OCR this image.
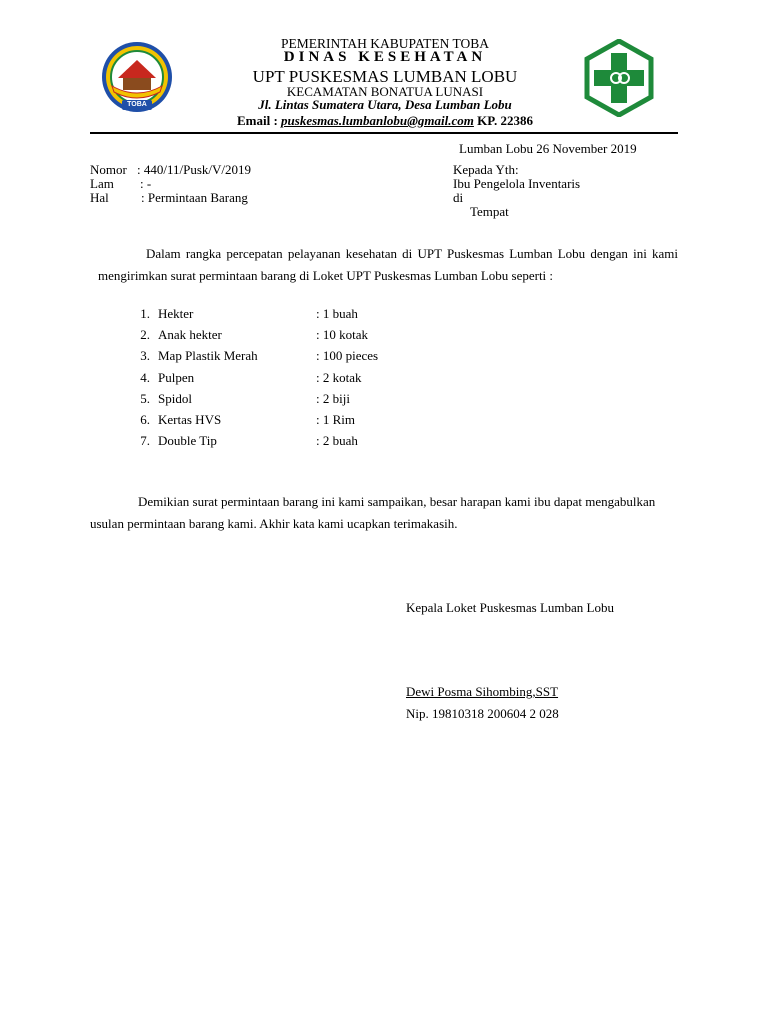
TOBA
PEMERINTAH KABUPATEN TOBA
DINAS KESEHATAN
UPT PUSKESMAS LUMBAN LOBU
KECAMATAN BONATUA LUNASI
Jl. Lintas Sumatera Utara, Desa Lumban Lobu
Email : puskesmas.lumbanlobu@gmail.com KP. 22386
Lumban Lobu 26 November 2019
Nomor : 440/11/Pusk/V/2019
Lam : -
Hal : Permintaan Barang
Kepada Yth:
Ibu Pengelola Inventaris
di
Tempat
Dalam rangka percepatan pelayanan kesehatan di UPT Puskesmas Lumban Lobu dengan ini kami mengirimkan surat permintaan barang di Loket UPT Puskesmas Lumban Lobu seperti :
1. Hekter	: 1 buah
2. Anak hekter	: 10 kotak
3. Map Plastik Merah	: 100 pieces
4. Pulpen	: 2 kotak
5. Spidol	: 2 biji
6. Kertas HVS	: 1 Rim
7. Double Tip	: 2 buah
Demikian surat permintaan barang ini kami sampaikan, besar harapan kami ibu dapat mengabulkan usulan permintaan barang kami. Akhir kata kami ucapkan terimakasih.
Kepala Loket Puskesmas Lumban Lobu
Dewi Posma Sihombing,SST
Nip. 19810318 200604 2 028
